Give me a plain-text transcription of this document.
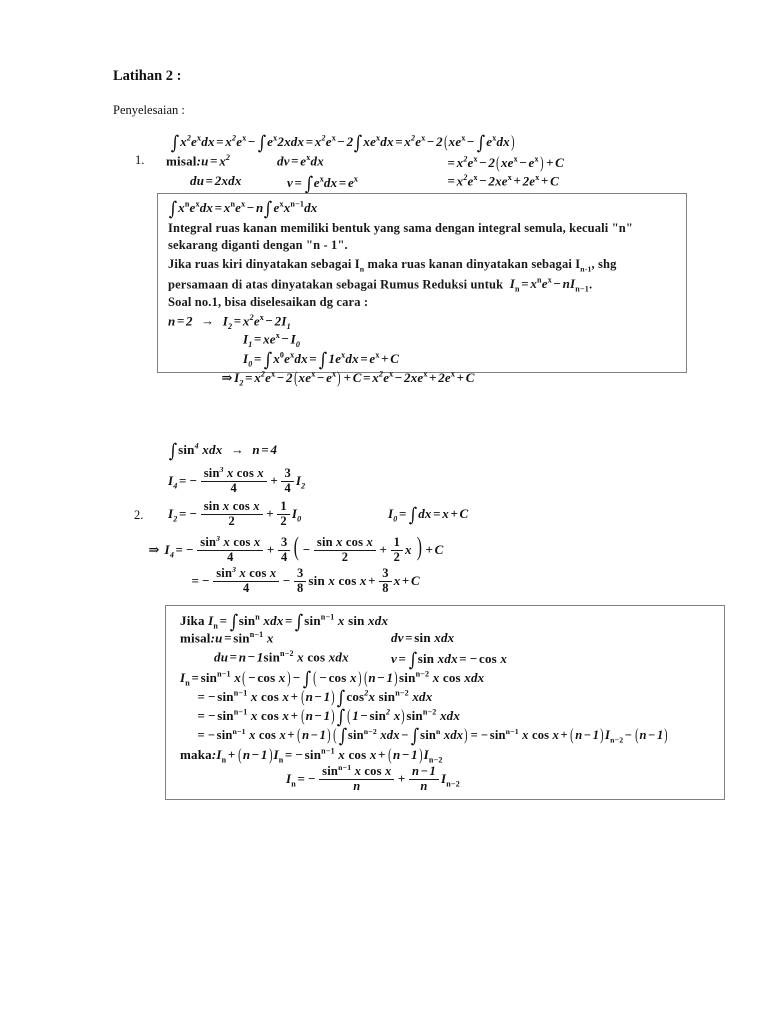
Latihan 2 :
Penyelesaian :
1.
$\int x^2e^xdx = x^2e^x - \int e^x2xdx = x^2e^x - 2\int xe^xdx = x^2e^x - 2(xe^x - \int e^xdx)$
misal:u = $x^2$	dv = $e^xdx$	= $x^2e^x - 2(xe^x - e^x) + C$
du = 2xdx	$v = \int e^xdx = e^x$	= $x^2e^x - 2xe^x + 2e^x + C$
$\int x^ne^xdx = x^ne^x - n\int e^xx^{n-1}dx$
Integral ruas kanan memiliki bentuk yang sama dengan integral semula, kecuali "n"
sekarang diganti dengan "n - 1".
Jika ruas kiri dinyatakan sebagai $I_n$ maka ruas kanan dinyatakan sebagai $I_{n-1}$, shg
persamaan di atas dinyatakan sebagai Rumus Reduksi untuk  $I_n = x^ne^x - nI_{n-1}$.
Soal no.1, bisa diselesaikan dg cara :
$n = 2 \to I_2 = x^2e^x - 2I_1$
$I_1 = xe^x - I_0$
$I_0 = \int x^0e^xdx = \int 1e^xdx = e^x + C$
⇒ $I_2 = x^2e^x - 2(xe^x - e^x) + C = x^2e^x - 2xe^x + 2e^x + C$
2.
$\int\sin^4$ xdx →  n = 4
$I_4$ = − $\frac{\sin^3 x \cos x}{4} + \frac{3}{4} I_2$
$I_2$ = − $\frac{\text{sin x cos x}}{2} + \frac{1}{2} I_0$	$I_0 = \int dx = x + C$
⇒ $I_4$ = − $\frac{\sin^3 x \cos x}{4} + \frac{3}{4}$ ( − $\frac{\text{sin x cos x}}{2} + \frac{1}{2}$ x ) + C
= − $\frac{\sin^3 x \cos x}{4} - \frac{3}{8}$ sin x $\cos x + \frac{3}{8}$ x + C
Jika $I_n = \int\sin^n$ xdx = $\int\sin^{n-1}$ x sin xdx
misal:u = $\sin^{n-1} x$	dv = sin xdx
du = $n - 1\sin^{n-2}$ x cos xdx	v = ∫sin xdx = − cos x
$I_n = \sin^{n-1} x( - \cos x)$ − ∫ ( − cos x) $(n - 1)\sin^{n-2}$ x cos xdx
= − $\sin^{n-1} x$ cos x + (n − 1) $\int\cos^2x$ $\sin^{n-2}$ xdx
= − $\sin^{n-1} x$ cos x + (n − 1) ∫ $(1 - \sin^2 x)\sin^{n-2}$ xdx
= − $\sin^{n-1} x$ cos x + (n − 1) ( $\int\sin^{n-2}$ xdx − $\int\sin^n$ xdx) = − $\sin^{n-1} x$ $\cos x + (n - 1)I_{n-2} - (n - 1)$
$maka:I_n + (n - 1)I_n$ = − $\sin^{n-1} x$ $\cos x + (n - 1)I_{n-2}$
$I_n$ = − $\frac{\sin^{n-1} x \cos x}{n} + \frac{n - 1}{n} I_{n-2}$
